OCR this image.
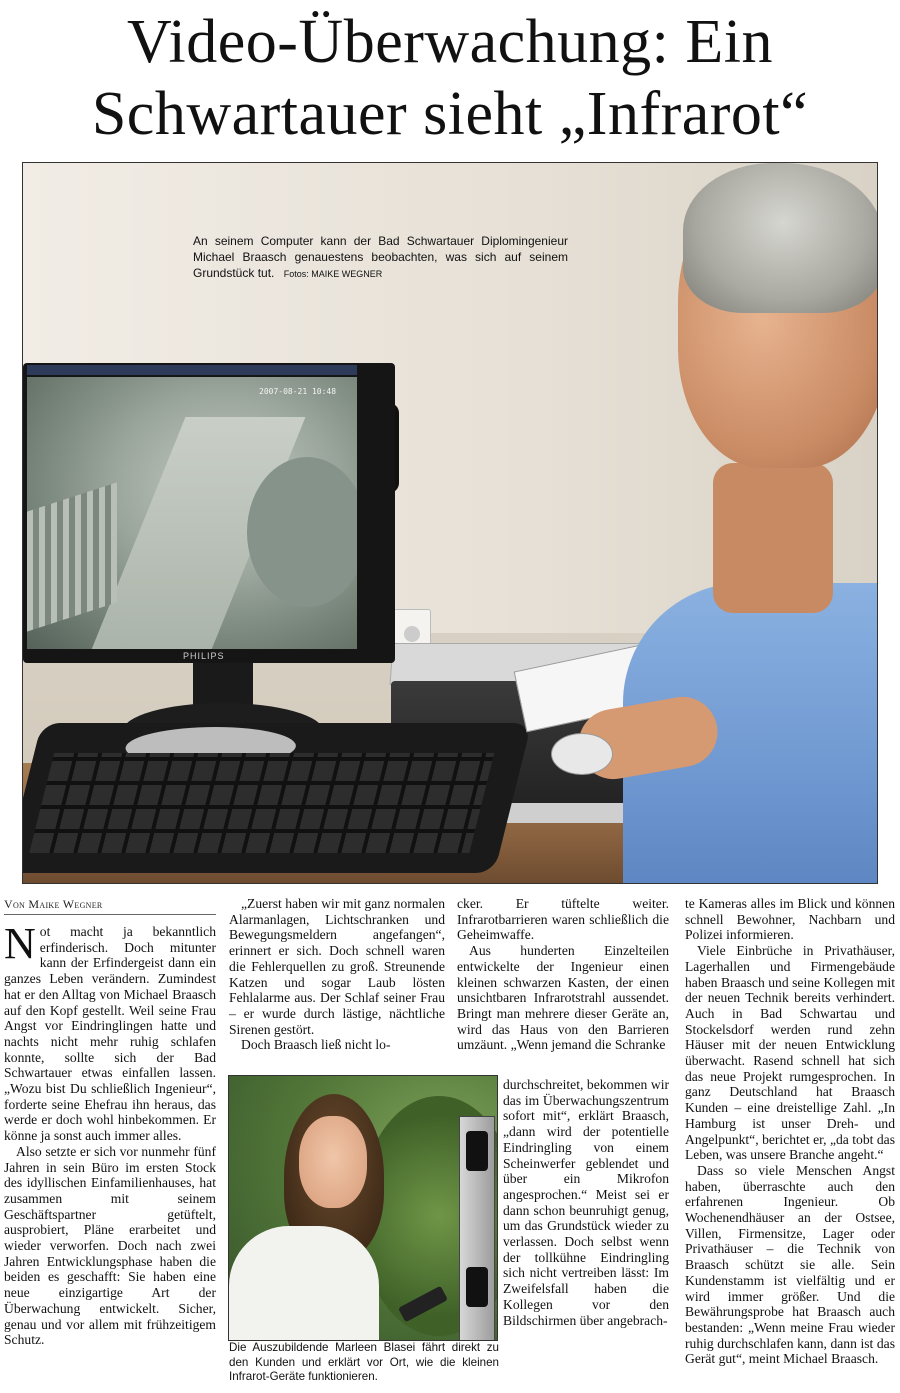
Video-Überwachung: Ein
Schwartauer sieht „Infrarot“
2007-08-21 10:48
PHILIPS
An seinem Computer kann der Bad Schwartauer Diplomingenieur Michael Braasch genauestens beobachten, was sich auf seinem Grundstück tut. Fotos: MAIKE WEGNER
Von Maike Wegner

Not macht ja bekanntlich erfinderisch. Doch mitunter kann der Erfindergeist dann ein ganzes Leben verändern. Zumindest hat er den Alltag von Michael Braasch auf den Kopf gestellt. Weil seine Frau Angst vor Eindringlingen hatte und nachts nicht mehr ruhig schlafen konnte, sollte sich der Bad Schwartauer etwas einfallen lassen. „Wozu bist Du schließlich Ingenieur“, forderte seine Ehefrau ihn heraus, das werde er doch wohl hinbekommen. Er könne ja sonst auch immer alles.

Also setzte er sich vor nunmehr fünf Jahren in sein Büro im ersten Stock des idyllischen Einfamilienhauses, hat zusammen mit seinem Geschäftspartner getüftelt, ausprobiert, Pläne erarbeitet und wieder verworfen. Doch nach zwei Jahren Entwicklungsphase haben die beiden es geschafft: Sie haben eine neue einzigartige Art der Überwachung entwickelt. Sicher, genau und vor allem mit frühzeitigem Schutz.

„Zuerst haben wir mit ganz normalen Alarmanlagen, Lichtschranken und Bewegungsmeldern angefangen“, erinnert er sich. Doch schnell waren die Fehlerquellen zu groß. Streunende Katzen und sogar Laub lösten Fehlalarme aus. Der Schlaf seiner Frau – er wurde durch lästige, nächtliche Sirenen gestört.

Doch Braasch ließ nicht lo-

cker. Er tüftelte weiter. Infrarotbarrieren waren schließlich die Geheimwaffe.

Aus hunderten Einzelteilen entwickelte der Ingenieur einen kleinen schwarzen Kasten, der einen unsichtbaren Infrarotstrahl aussendet. Bringt man mehrere dieser Geräte an, wird das Haus von den Barrieren umzäunt. „Wenn jemand die Schranke

durchschreitet, bekommen wir das im Überwachungszentrum sofort mit“, erklärt Braasch, „dann wird der potentielle Eindringling von einem Scheinwerfer geblendet und über ein Mikrofon angesprochen.“ Meist sei er dann schon beunruhigt genug, um das Grundstück wieder zu verlassen. Doch selbst wenn der tollkühne Eindringling sich nicht vertreiben lässt: Im Zweifelsfall haben die Kollegen vor den Bildschirmen über angebrach-

te Kameras alles im Blick und können schnell Bewohner, Nachbarn und Polizei informieren.

Viele Einbrüche in Privathäuser, Lagerhallen und Firmengebäude haben Braasch und seine Kollegen mit der neuen Technik bereits verhindert. Auch in Bad Schwartau und Stockelsdorf werden rund zehn Häuser mit der neuen Entwicklung überwacht. Rasend schnell hat sich das neue Projekt rumgesprochen. In ganz Deutschland hat Braasch Kunden – eine dreistellige Zahl. „In Hamburg ist unser Dreh- und Angelpunkt“, berichtet er, „da tobt das Leben, was unsere Branche angeht.“

Dass so viele Menschen Angst haben, überraschte auch den erfahrenen Ingenieur. Ob Wochenendhäuser an der Ostsee, Villen, Firmensitze, Lager oder Privathäuser – die Technik von Braasch schützt sie alle. Sein Kundenstamm ist vielfältig und er wird immer größer. Und die Bewährungsprobe hat Braasch auch bestanden: „Wenn meine Frau wieder ruhig durchschlafen kann, dann ist das Gerät gut“, meint Michael Braasch.

Die Auszubildende Marleen Blasei fährt direkt zu den Kunden und erklärt vor Ort, wie die kleinen Infrarot-Geräte funktionieren.
